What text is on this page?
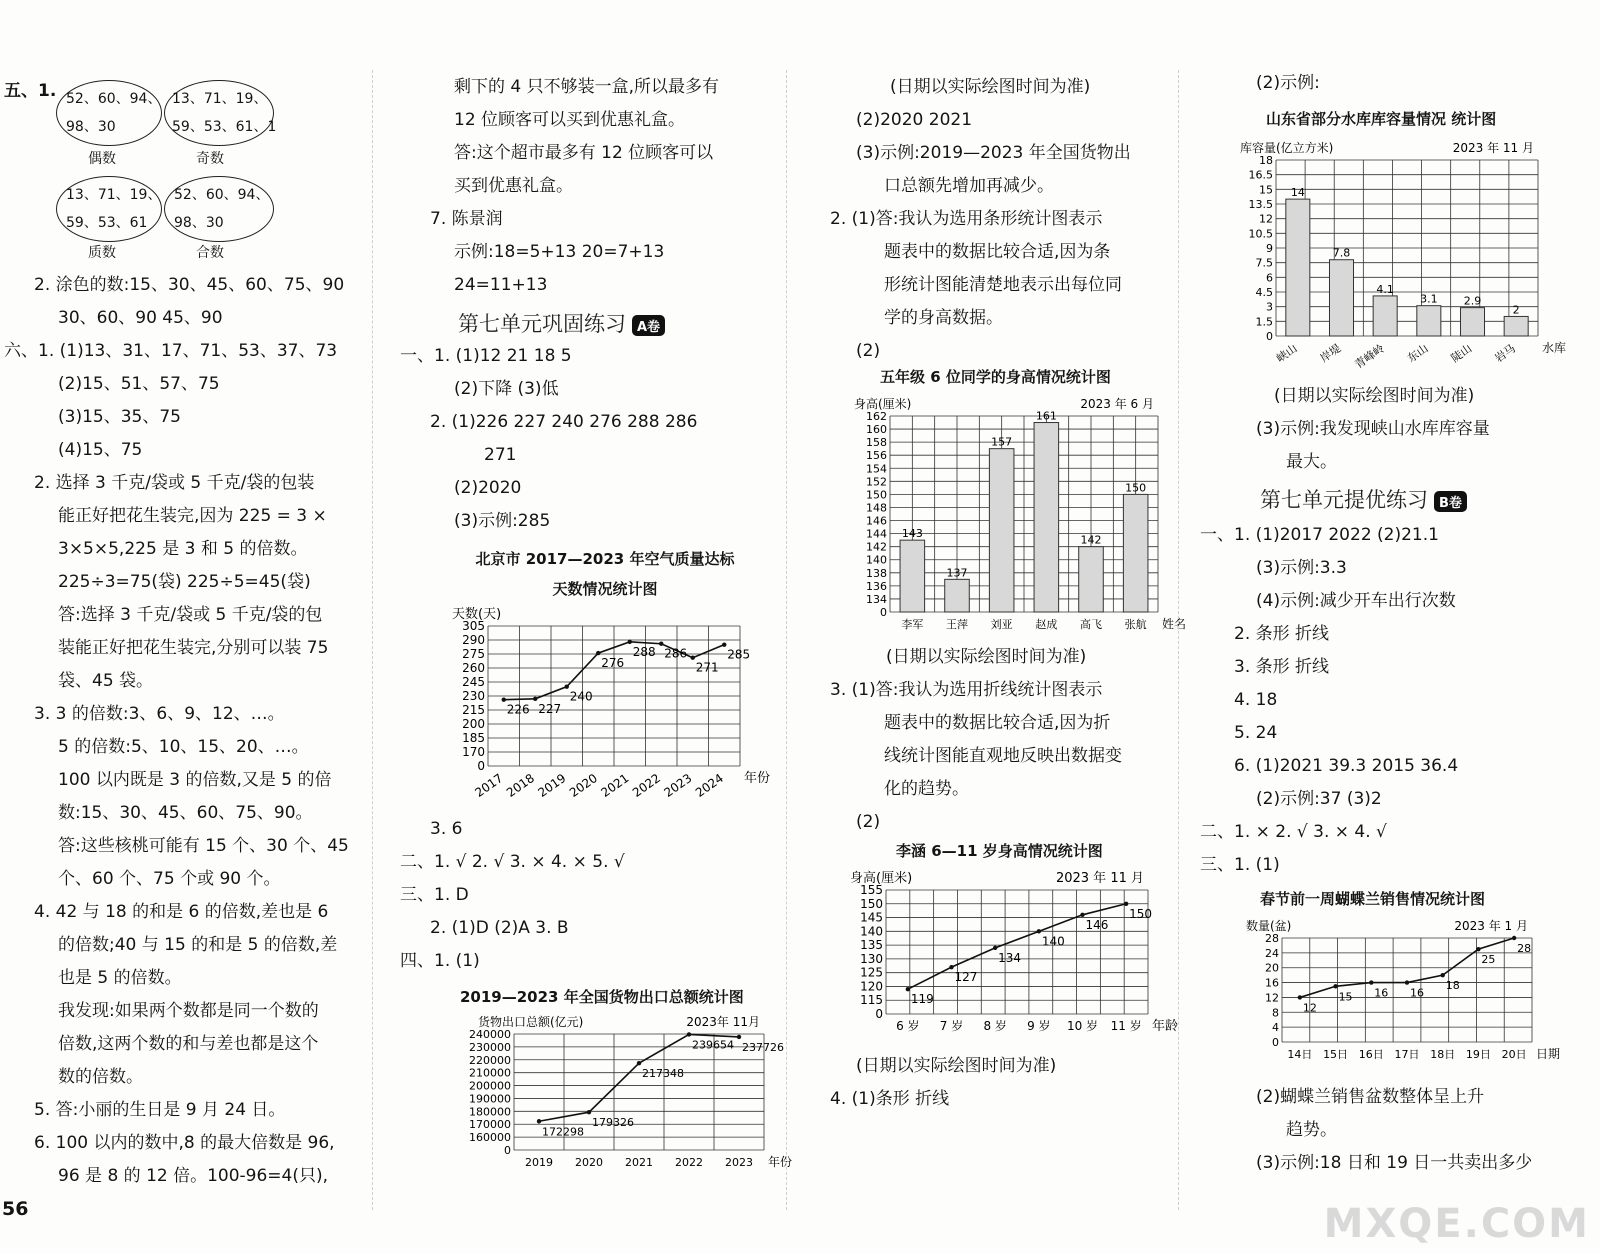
五、1. 52、60、94、
98、30
偶数
13、71、19、
59、53、61、1
奇数
13、71、19、
59、53、61
质数
52、60、94、
98、30
合数
2. 涂色的数:15、30、45、60、75、90
30、60、90 45、90
六、1. (1)13、31、17、71、53、37、73
(2)15、51、57、75
(3)15、35、75
(4)15、75
2. 选择 3 千克/袋或 5 千克/袋的包装
能正好把花生装完,因为 225 = 3 ×
3×5×5,225 是 3 和 5 的倍数。
225÷3=75(袋) 225÷5=45(袋)
答:选择 3 千克/袋或 5 千克/袋的包
装能正好把花生装完,分别可以装 75
袋、45 袋。
3. 3 的倍数:3、6、9、12、…。
5 的倍数:5、10、15、20、…。
100 以内既是 3 的倍数,又是 5 的倍
数:15、30、45、60、75、90。
答:这些核桃可能有 15 个、30 个、45
个、60 个、75 个或 90 个。
4. 42 与 18 的和是 6 的倍数,差也是 6
的倍数;40 与 15 的和是 5 的倍数,差
也是 5 的倍数。
我发现:如果两个数都是同一个数的
倍数,这两个数的和与差也都是这个
数的倍数。
5. 答:小丽的生日是 9 月 24 日。
6. 100 以内的数中,8 的最大倍数是 96,
96 是 8 的 12 倍。100-96=4(只),
56
剩下的 4 只不够装一盒,所以最多有
12 位顾客可以买到优惠礼盒。
答:这个超市最多有 12 位顾客可以
买到优惠礼盒。
7. 陈景润
示例:18=5+13 20=7+13
24=11+13
第七单元巩固练习 A卷
一、1. (1)12 21 18 5
(2)下降 (3)低
2. (1)226 227 240 276 288 286
271
(2)2020
(3)示例:285
北京市 2017—2023 年空气质量达标天数情况统计图
0
170
185
200
215
230
245
260
275
290
305
天数(天)
年份
2017
2018
2019
2020
2021
2022
2023
2024
226 227
240
276
288 286
271
285
3. 6
二、1. √ 2. √ 3. × 4. × 5. √
三、1. D
2. (1)D (2)A 3. B
四、1. (1)
2019—2023 年全国货物出口总额统计图
0
160000
170000
180000
190000
200000
210000
220000
230000
240000
货物出口总额(亿元)	2023年 11月
年份
2019 2020 2021 2022 2023
172298
179326
217348
239654 237726
(日期以实际绘图时间为准)
(2)2020 2021
(3)示例:2019—2023 年全国货物出
口总额先增加再减少。
2. (1)答:我认为选用条形统计图表示
题表中的数据比较合适,因为条
形统计图能清楚地表示出每位同
学的身高数据。
(2)
五年级 6 位同学的身高情况统计图
0
134
136
138
140
142
144
146
148
150
152
154
156
158
160
162
身高(厘米)	2023 年 6 月
姓名
李军
143
王萍
137
刘亚
157
赵成
161
高飞
142
张航
150
(日期以实际绘图时间为准)
3. (1)答:我认为选用折线统计图表示
题表中的数据比较合适,因为折
线统计图能直观地反映出数据变
化的趋势。
(2)
李涵 6—11 岁身高情况统计图
0
115
120
125
130
135
140
145
150
155
身高(厘米)	2023 年 11 月
年龄
6 岁 7 岁 8 岁 9 岁 10 岁 11 岁
119
127
134
140
146
150
(日期以实际绘图时间为准)
4. (1)条形 折线
(2)示例:
山东省部分水库库容量情况 统计图
0
1.5
3
4.5
6
7.5
9
10.5
12
13.5
15
16.5
18
库容量(亿立方米)	2023 年 11 月
水库
峡山
14
岸堤
7.8
青峰岭
4.1
东山
3.1
陡山
2.9
岩马
2
(日期以实际绘图时间为准)
(3)示例:我发现峡山水库库容量
最大。
第七单元提优练习 B卷
一、1. (1)2017 2022 (2)21.1
(3)示例:3.3
(4)示例:减少开车出行次数
2. 条形 折线
3. 条形 折线
4. 18
5. 24
6. (1)2021 39.3 2015 36.4
(2)示例:37 (3)2
二、1. × 2. √ 3. × 4. √
三、1. (1)
春节前一周蝴蝶兰销售情况统计图
0
4
8
12
16
20
24
28
数量(盆)	2023 年 1 月
日期
14日 15日 16日 17日 18日 19日 20日
12
15 16 16
18
25
28
(2)蝴蝶兰销售盆数整体呈上升
趋势。
(3)示例:18 日和 19 日一共卖出多少
MXQE.COM
